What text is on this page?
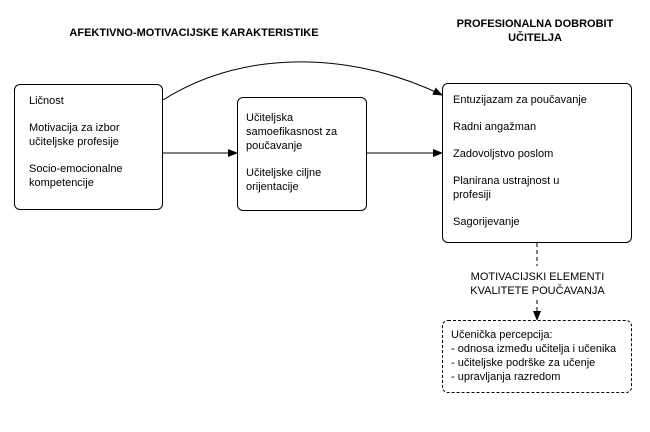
AFEKTIVNO-MOTIVACIJSKE KARAKTERISTIKE
PROFESIONALNA DOBROBIT UČITELJA

Ličnost

Motivacija za izbor učiteljske profesije

Socio-emocionalne kompetencije

Učiteljska samoefikasnost za poučavanje

Učiteljske ciljne orijentacije

Entuzijazam za poučavanje

Radni angažman

Zadovoljstvo poslom

Planirana ustrajnost u profesiji

Sagorijevanje

MOTIVACIJSKI ELEMENTI KVALITETE POUČAVANJA

Učenička percepcija:

- odnosa između učitelja i učenika

- učiteljske podrške za učenje

- upravljanja razredom
